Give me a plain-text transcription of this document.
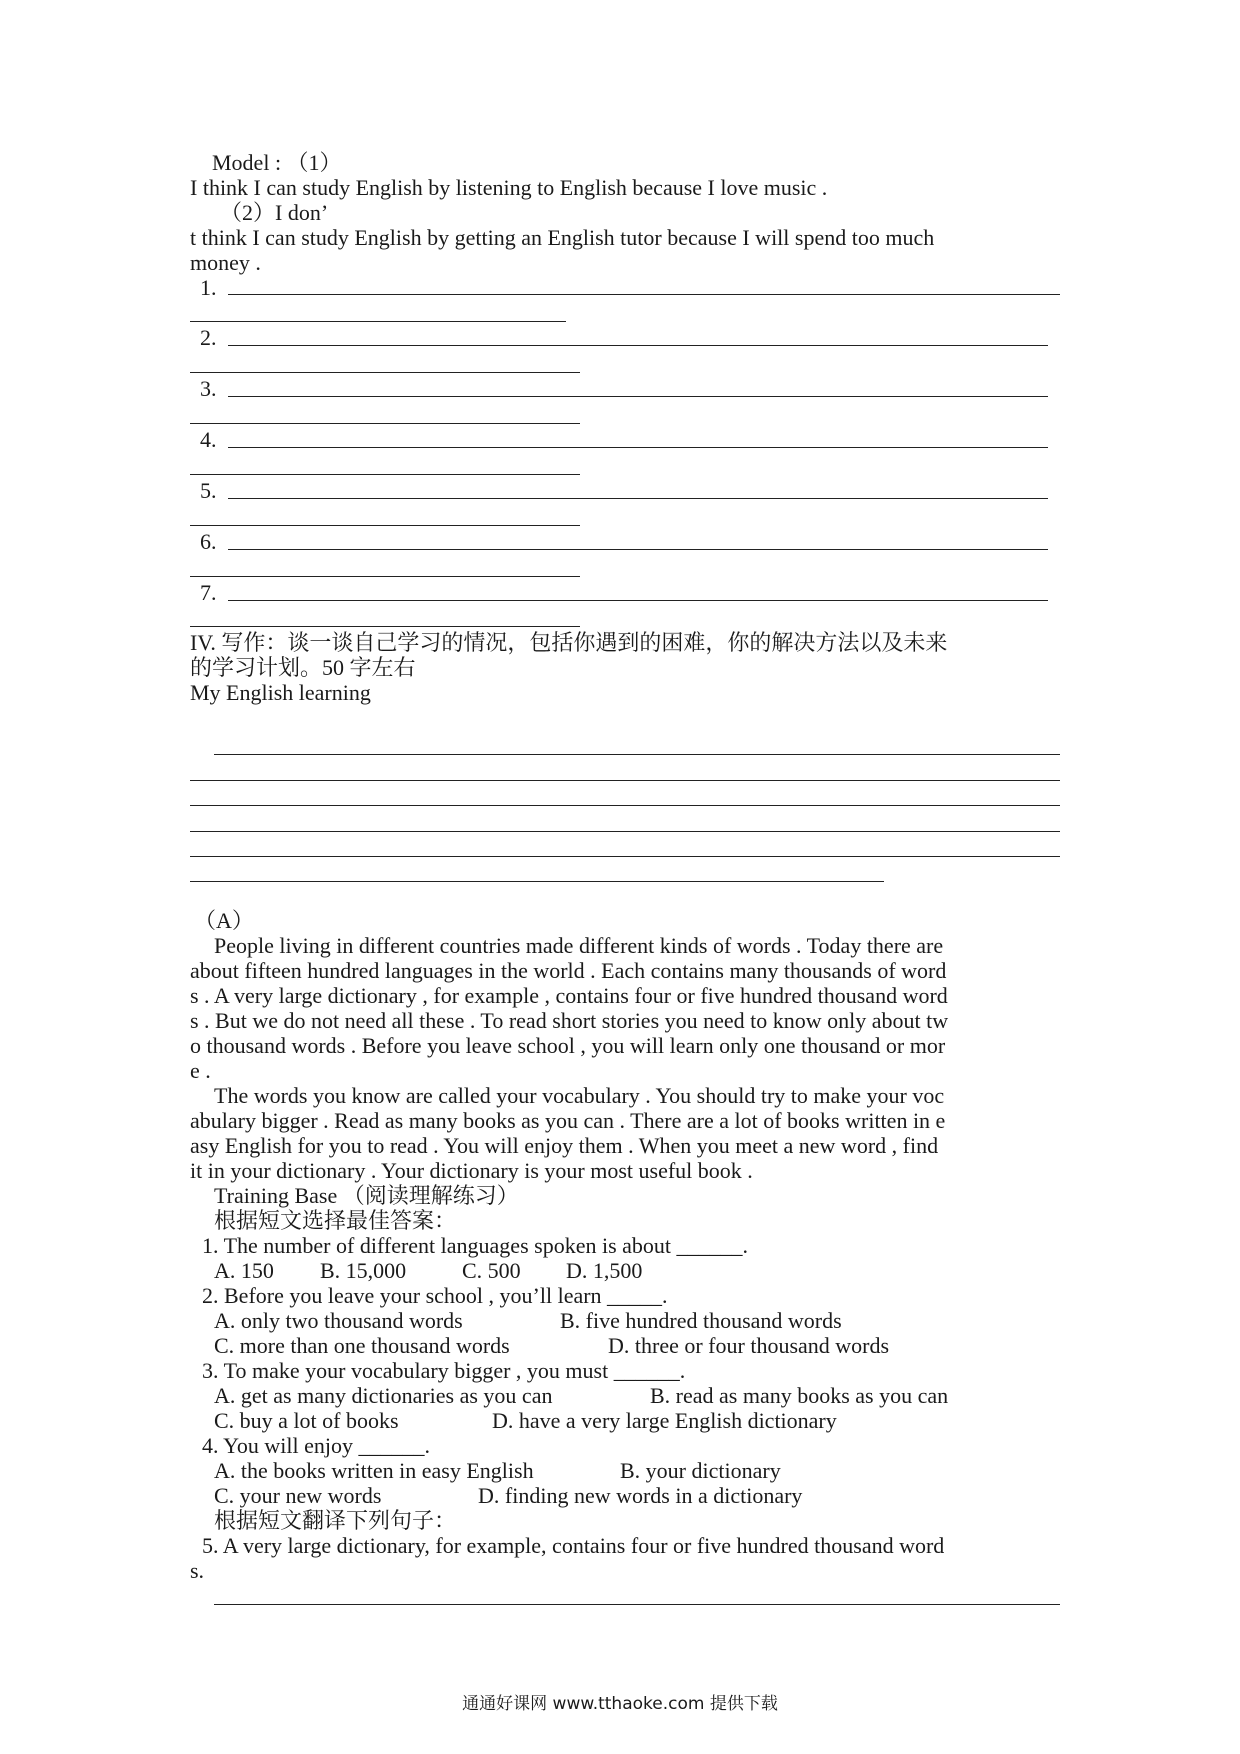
Model : （1）
I think I can study English by listening to English because I love music .
（2）I don’
t think I can study English by getting an English tutor because I will spend too much
money .
1.
2.
3.
4.
5.
6.
7.
IV. 写作：谈一谈自己学习的情况，包括你遇到的困难，你的解决方法以及未来
的学习计划。50 字左右
My English learning
（A）
People living in different countries made different kinds of words . Today there are
about fifteen hundred languages in the world . Each contains many thousands of word
s . A very large dictionary , for example , contains four or five hundred thousand word
s . But we do not need all these . To read short stories you need to know only about tw
o thousand words . Before you leave school , you will learn only one thousand or mor
e .
The words you know are called your vocabulary . You should try to make your voc
abulary bigger . Read as many books as you can . There are a lot of books written in e
asy English for you to read . You will enjoy them . When you meet a new word , find
it in your dictionary . Your dictionary is your most useful book .
Training Base （阅读理解练习）
根据短文选择最佳答案：
1. The number of different languages spoken is about ______.
A. 150 B. 15,000	C. 500 D. 1,500
2. Before you leave your school , you’ll learn _____.
A. only two thousand words	B. five hundred thousand words
C. more than one thousand words	D. three or four thousand words
3. To make your vocabulary bigger , you must ______.
A. get as many dictionaries as you can	B. read as many books as you can
C. buy a lot of books	D. have a very large English dictionary
4. You will enjoy ______.
A. the books written in easy English	B. your dictionary
C. your new words	D. finding new words in a dictionary
根据短文翻译下列句子：
5. A very large dictionary, for example, contains four or five hundred thousand word
s.
通通好课网 www.tthaoke.com 提供下载
